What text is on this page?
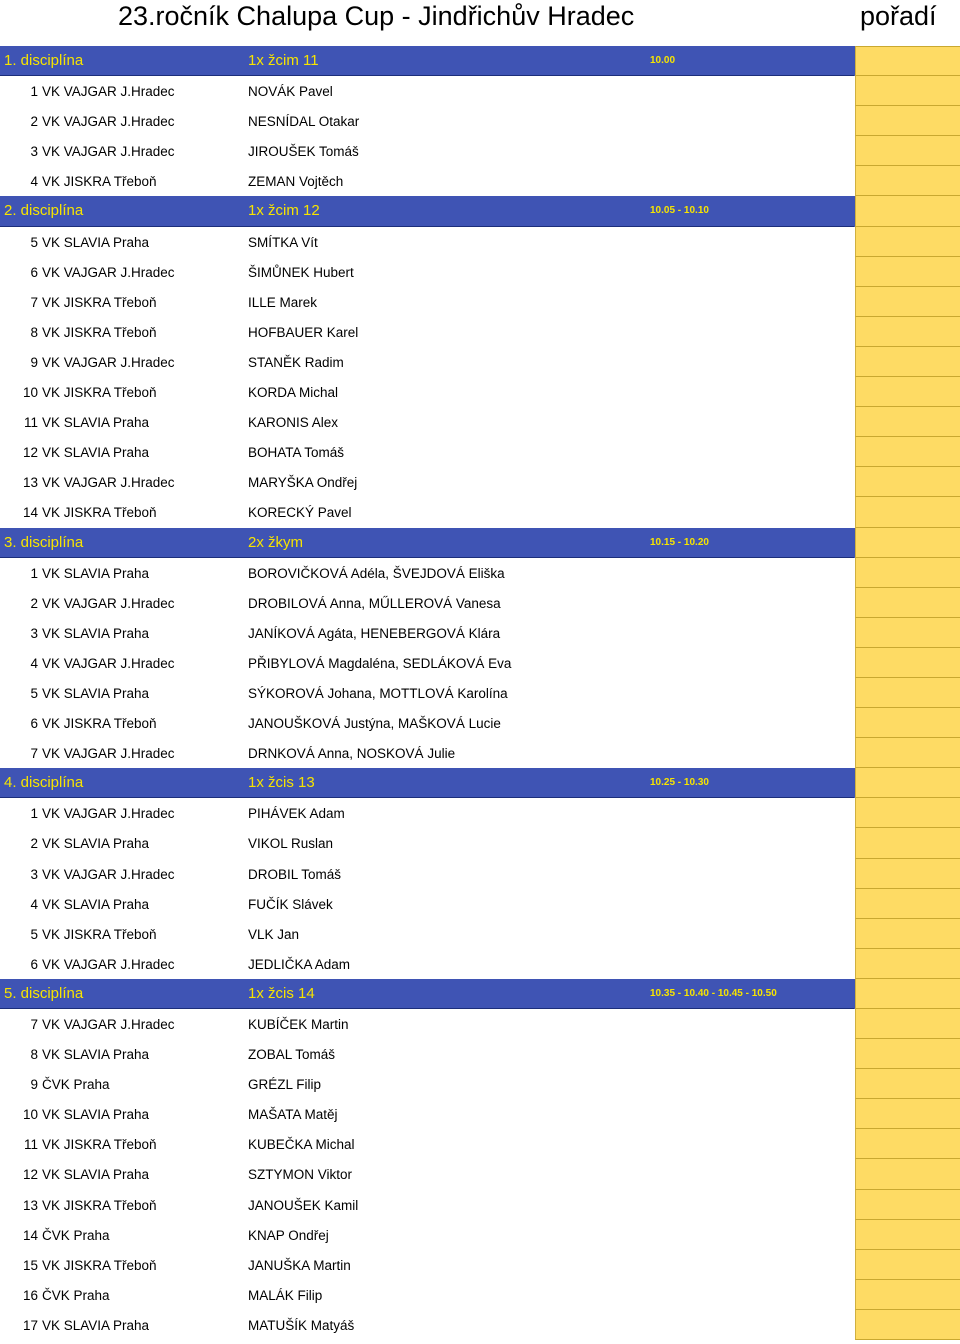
23.ročník Chalupa Cup - Jindřichův Hradec	pořadí
1. disciplína	1x žcim 11	10.00
1 VK VAJGAR J.Hradec	NOVÁK Pavel
2 VK VAJGAR J.Hradec	NESNÍDAL Otakar
3 VK VAJGAR J.Hradec	JIROUŠEK Tomáš
4 VK JISKRA Třeboň	ZEMAN Vojtěch
2. disciplína	1x žcim 12	10.05 - 10.10
5 VK SLAVIA Praha	SMÍTKA Vít
6 VK VAJGAR J.Hradec	ŠIMŮNEK Hubert
7 VK JISKRA Třeboň	ILLE Marek
8 VK JISKRA Třeboň	HOFBAUER Karel
9 VK VAJGAR J.Hradec	STANĚK Radim
10 VK JISKRA Třeboň	KORDA Michal
11 VK SLAVIA Praha	KARONIS Alex
12 VK SLAVIA Praha	BOHATA Tomáš
13 VK VAJGAR J.Hradec	MARYŠKA Ondřej
14 VK JISKRA Třeboň	KORECKÝ Pavel
3. disciplína	2x žkym	10.15 - 10.20
1 VK SLAVIA Praha	BOROVIČKOVÁ Adéla, ŠVEJDOVÁ Eliška
2 VK VAJGAR J.Hradec	DROBILOVÁ Anna, MŰLLEROVÁ Vanesa
3 VK SLAVIA Praha	JANÍKOVÁ Agáta, HENEBERGOVÁ Klára
4 VK VAJGAR J.Hradec	PŘIBYLOVÁ Magdaléna, SEDLÁKOVÁ Eva
5 VK SLAVIA Praha	SÝKOROVÁ Johana, MOTTLOVÁ Karolína
6 VK JISKRA Třeboň	JANOUŠKOVÁ Justýna, MAŠKOVÁ Lucie
7 VK VAJGAR J.Hradec	DRNKOVÁ Anna, NOSKOVÁ Julie
4. disciplína	1x žcis 13	10.25 - 10.30
1 VK VAJGAR J.Hradec	PIHÁVEK Adam
2 VK SLAVIA Praha	VIKOL Ruslan
3 VK VAJGAR J.Hradec	DROBIL Tomáš
4 VK SLAVIA Praha	FUČÍK Slávek
5 VK JISKRA Třeboň	VLK Jan
6 VK VAJGAR J.Hradec	JEDLIČKA Adam
5. disciplína	1x žcis 14	10.35 - 10.40 - 10.45 - 10.50
7 VK VAJGAR J.Hradec	KUBÍČEK Martin
8 VK SLAVIA Praha	ZOBAL Tomáš
9 ČVK Praha	GRÉZL Filip
10 VK SLAVIA Praha	MAŠATA Matěj
11 VK JISKRA Třeboň	KUBEČKA Michal
12 VK SLAVIA Praha	SZTYMON Viktor
13 VK JISKRA Třeboň	JANOUŠEK Kamil
14 ČVK Praha	KNAP Ondřej
15 VK JISKRA Třeboň	JANUŠKA Martin
16 ČVK Praha	MALÁK Filip
17 VK SLAVIA Praha	MATUŠÍK Matyáš
